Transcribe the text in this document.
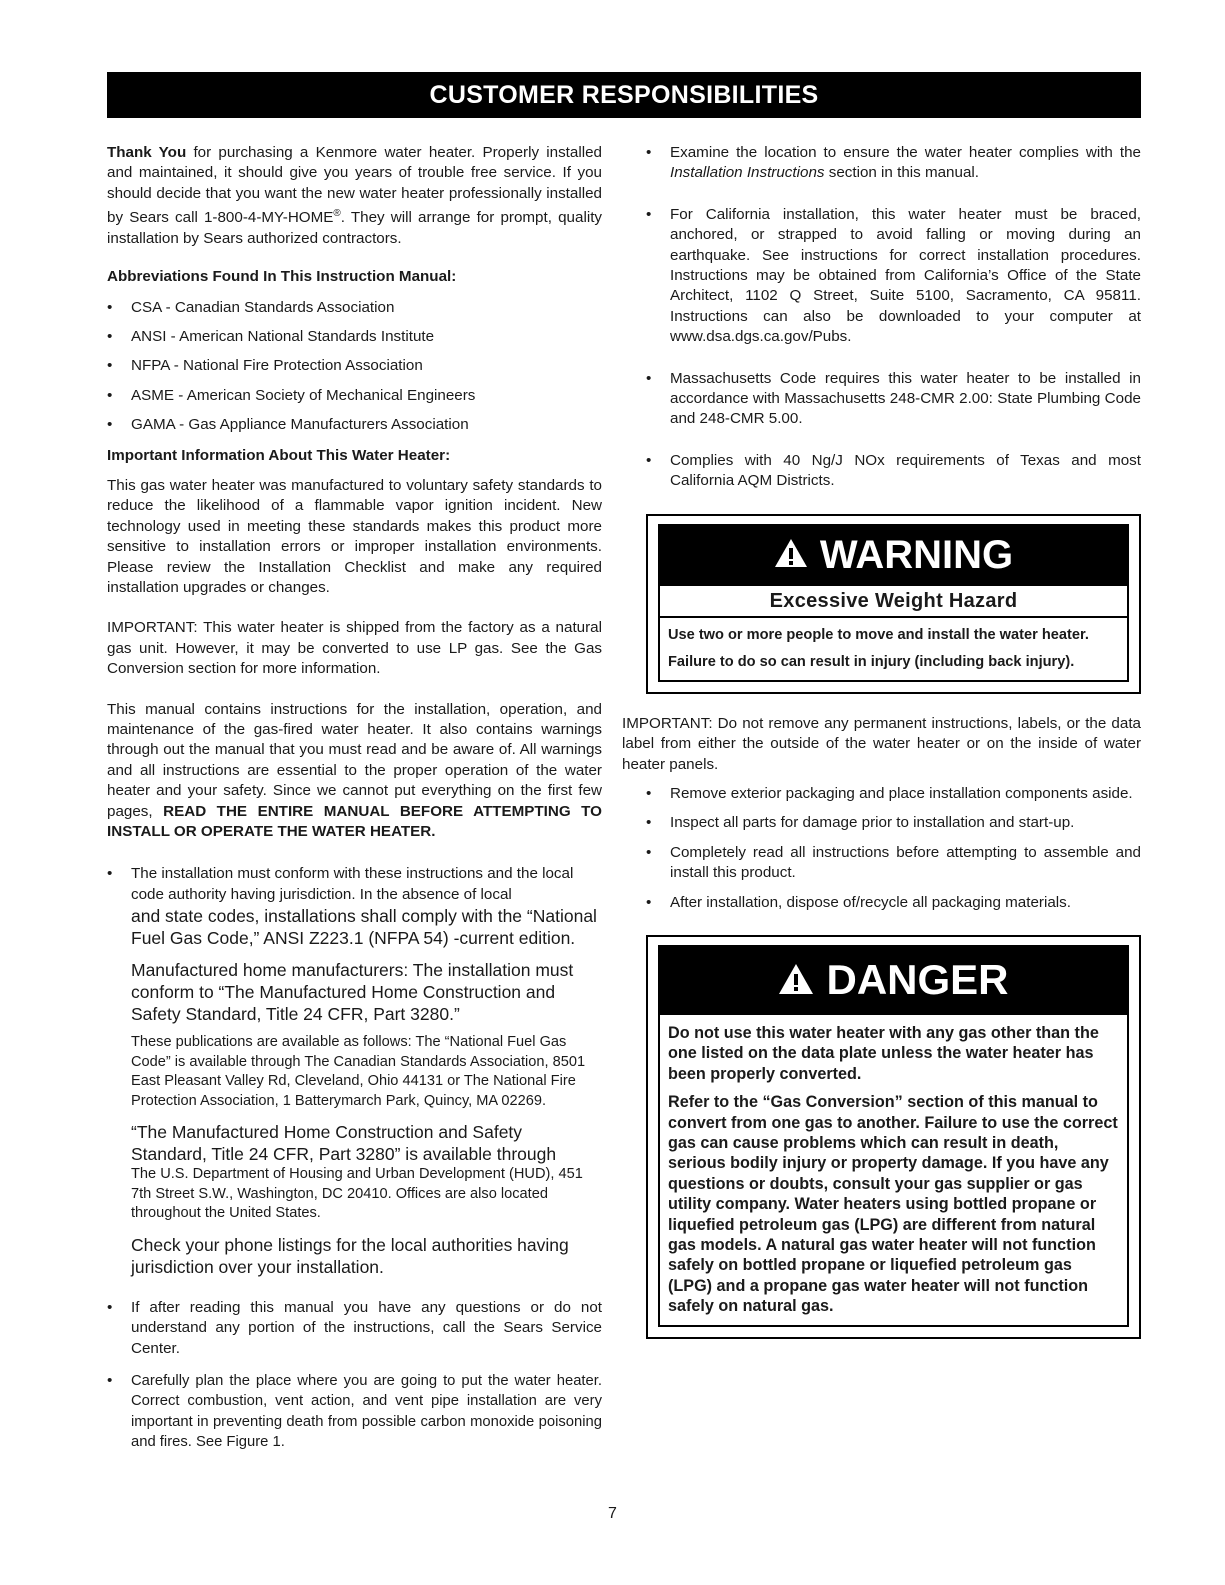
CUSTOMER RESPONSIBILITIES

Thank You for purchasing a Kenmore water heater. Properly installed and maintained, it should give you years of trouble free service. If you should decide that you want the new water heater professionally installed by Sears call 1-800-4-MY-HOME®. They will arrange for prompt, quality installation by Sears authorized contractors.

Abbreviations Found In This Instruction Manual:

• CSA - Canadian Standards Association
• ANSI - American National Standards Institute
• NFPA - National Fire Protection Association
• ASME - American Society of Mechanical Engineers
• GAMA - Gas Appliance Manufacturers Association

Important Information About This Water Heater:

This gas water heater was manufactured to voluntary safety standards to reduce the likelihood of a flammable vapor ignition incident. New technology used in meeting these standards makes this product more sensitive to installation errors or improper installation environments. Please review the Installation Checklist and make any required installation upgrades or changes.

IMPORTANT: This water heater is shipped from the factory as a natural gas unit. However, it may be converted to use LP gas. See the Gas Conversion section for more information.

This manual contains instructions for the installation, operation, and maintenance of the gas-fired water heater. It also contains warnings through out the manual that you must read and be aware of. All warnings and all instructions are essential to the proper operation of the water heater and your safety. Since we cannot put everything on the first few pages, READ THE ENTIRE MANUAL BEFORE ATTEMPTING TO INSTALL OR OPERATE THE WATER HEATER.

• The installation must conform with these instructions and the local code authority having jurisdiction. In the absence of local

and state codes, installations shall comply with the “National Fuel Gas Code,” ANSI Z223.1 (NFPA 54) -current edition.

Manufactured home manufacturers: The installation must conform to “The Manufactured Home Construction and Safety Standard, Title 24 CFR, Part 3280.”

These publications are available as follows: The “National Fuel Gas Code” is available through The Canadian Standards Association, 8501 East Pleasant Valley Rd, Cleveland, Ohio 44131 or The National Fire Protection Association, 1 Batterymarch Park, Quincy, MA 02269.

“The Manufactured Home Construction and Safety Standard, Title 24 CFR, Part 3280” is available through

The U.S. Department of Housing and Urban Development (HUD), 451 7th Street S.W., Washington, DC 20410. Offices are also located throughout the United States.

Check your phone listings for the local authorities having jurisdiction over your installation.

• If after reading this manual you have any questions or do not understand any portion of the instructions, call the Sears Service Center.

• Carefully plan the place where you are going to put the water heater. Correct combustion, vent action, and vent pipe installation are very important in preventing death from possible carbon monoxide poisoning and fires. See Figure 1.

• Examine the location to ensure the water heater complies with the Installation Instructions section in this manual.
• For California installation, this water heater must be braced, anchored, or strapped to avoid falling or moving during an earthquake. See instructions for correct installation procedures. Instructions may be obtained from California’s Office of the State Architect, 1102 Q Street, Suite 5100, Sacramento, CA 95811. Instructions can also be downloaded to your computer at www.dsa.dgs.ca.gov/Pubs.
• Massachusetts Code requires this water heater to be installed in accordance with Massachusetts 248-CMR 2.00: State Plumbing Code and 248-CMR 5.00.
• Complies with 40 Ng/J NOx requirements of Texas and most California AQM Districts.
WARNING
Excessive Weight Hazard
Use two or more people to move and install the water heater.
Failure to do so can result in injury (including back injury).

IMPORTANT: Do not remove any permanent instructions, labels, or the data label from either the outside of the water heater or on the inside of water heater panels.

• Remove exterior packaging and place installation components aside.
• Inspect all parts for damage prior to installation and start-up.
• Completely read all instructions before attempting to assemble and install this product.
• After installation, dispose of/recycle all packaging materials.
DANGER

Do not use this water heater with any gas other than the one listed on the data plate unless the water heater has been properly converted.

Refer to the “Gas Conversion” section of this manual to convert from one gas to another. Failure to use the correct gas can cause problems which can result in death, serious bodily injury or property damage. If you have any questions or doubts, consult your gas supplier or gas utility company. Water heaters using bottled propane or liquefied petroleum gas (LPG) are different from natural gas models. A natural gas water heater will not function safely on bottled propane or liquefied petroleum gas (LPG) and a propane gas water heater will not function safely on natural gas.

7
